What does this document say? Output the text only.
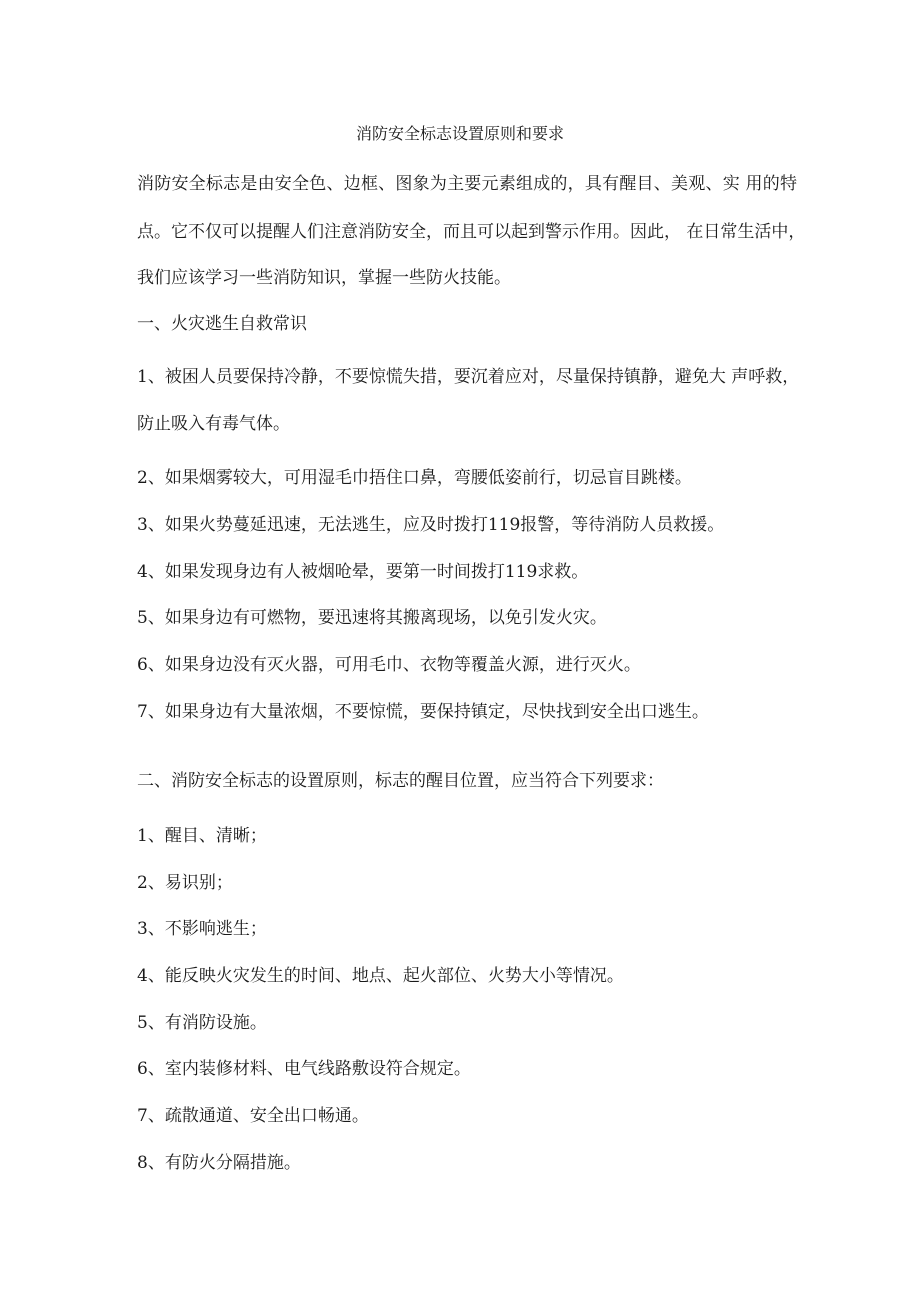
消防安全标志设置原则和要求
消防安全标志是由安全色、边框、图象为主要元素组成的，具有醒目、美观、实 用的特
点。它不仅可以提醒人们注意消防安全，而且可以起到警示作用。因此， 在日常生活中，
我们应该学习一些消防知识，掌握一些防火技能。
一、火灾逃生自救常识
1、被困人员要保持冷静，不要惊慌失措，要沉着应对，尽量保持镇静，避免大 声呼救，
防止吸入有毒气体。
2、如果烟雾较大，可用湿毛巾捂住口鼻，弯腰低姿前行，切忌盲目跳楼。
3、如果火势蔓延迅速，无法逃生，应及时拨打119报警，等待消防人员救援。
4、如果发现身边有人被烟呛晕，要第一时间拨打119求救。
5、如果身边有可燃物，要迅速将其搬离现场，以免引发火灾。
6、如果身边没有灭火器，可用毛巾、衣物等覆盖火源，进行灭火。
7、如果身边有大量浓烟，不要惊慌，要保持镇定，尽快找到安全出口逃生。
二、消防安全标志的设置原则，标志的醒目位置，应当符合下列要求：
1、醒目、清晰；
2、易识别；
3、不影响逃生；
4、能反映火灾发生的时间、地点、起火部位、火势大小等情况。
5、有消防设施。
6、室内装修材料、电气线路敷设符合规定。
7、疏散通道、安全出口畅通。
8、有防火分隔措施。
